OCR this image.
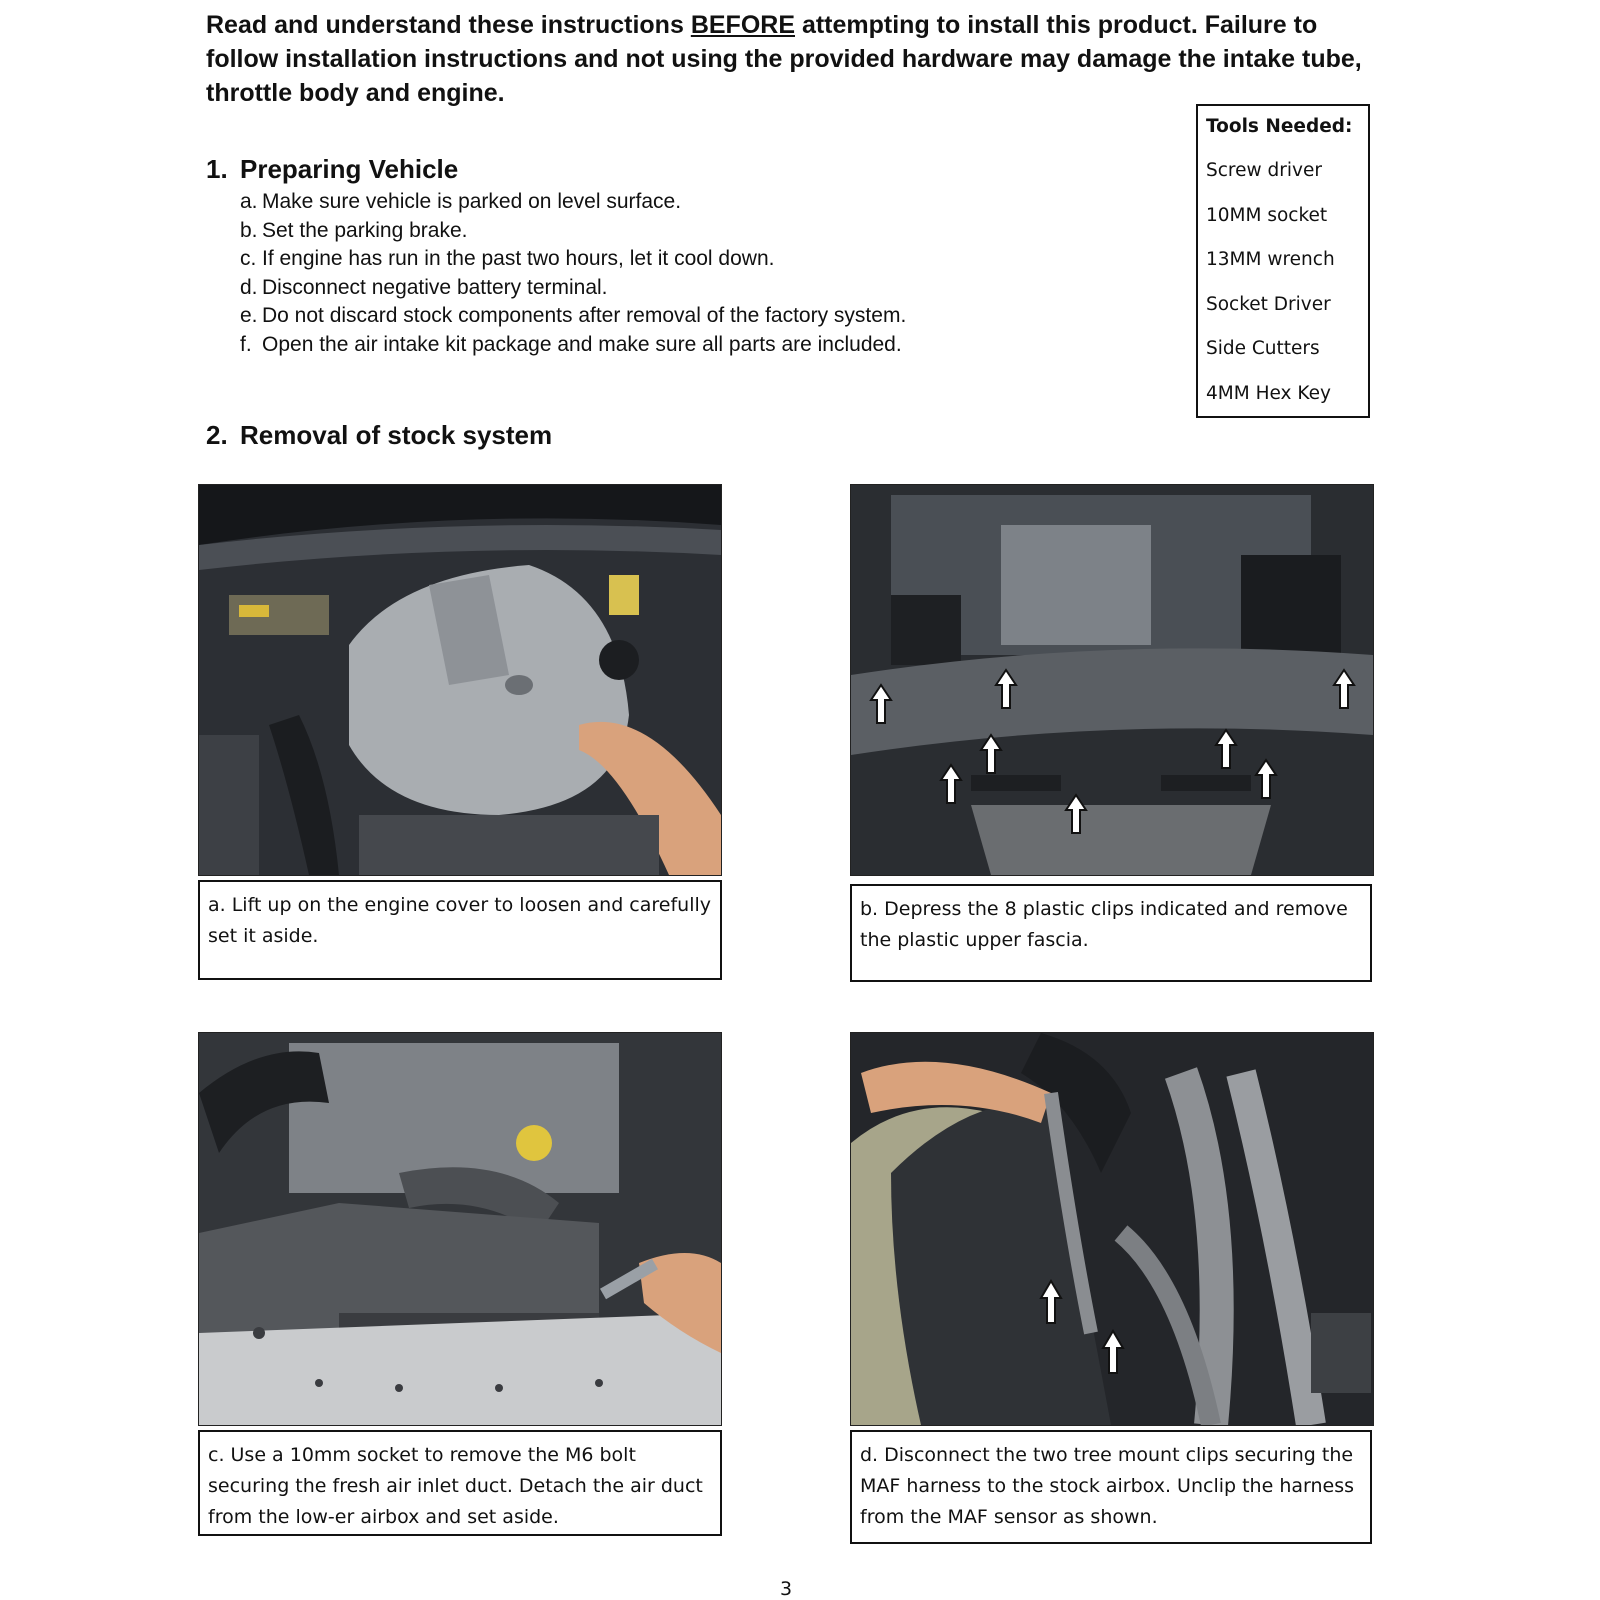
Read and understand these instructions BEFORE attempting to install this product. Failure to follow installation instructions and not using the provided hardware may damage the intake tube, throttle body and engine.
Tools Needed:
Screw driver
10MM socket
13MM wrench
Socket Driver
Side Cutters
4MM Hex Key
1. Preparing Vehicle
a. Make sure vehicle is parked on level surface.
b. Set the parking brake.
c. If engine has run in the past two hours, let it cool down.
d. Disconnect negative battery terminal.
e. Do not discard stock components after removal of the factory system.
f. Open the air intake kit package and make sure all parts are included.
2. Removal of stock system
a. Lift up on the engine cover to loosen and carefully set it aside.
b. Depress the 8 plastic clips indicated and remove the plastic upper fascia.
c. Use a 10mm socket to remove the M6 bolt securing the fresh air inlet duct. Detach the air duct from the low-er airbox and set aside.
d. Disconnect the two tree mount clips securing the MAF harness to the stock airbox. Unclip the harness from the MAF sensor as shown.
3
